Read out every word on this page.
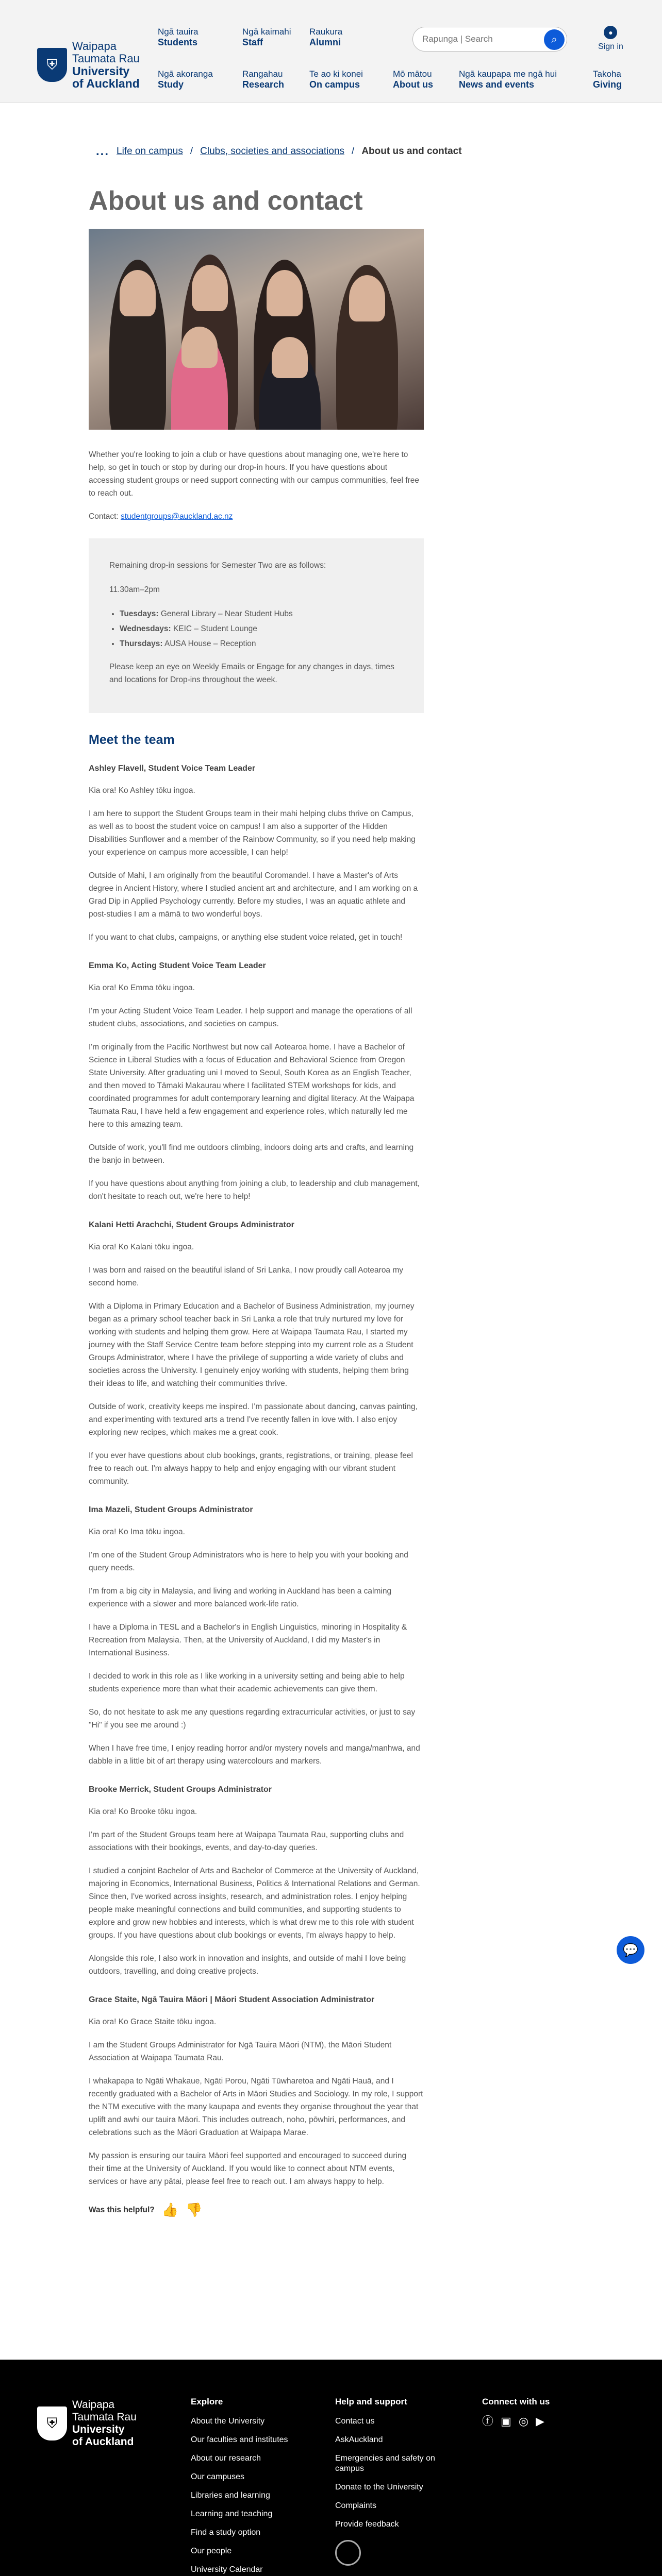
⛨
Waipapa
Taumata Rau
University
of Auckland
Ngā tauira
Students
Ngā kaimahi
Staff
Raukura
Alumni
Ngā akoranga
Study
Rangahau
Research
Te ao ki konei
On campus
Mō mātou
About us
Ngā kaupapa me ngā hui
News and events
Takoha
Giving
Rapunga | Search
⌕
●
Sign in
... Life on campus / Clubs, societies and associations / About us and contact
About us and contact

Whether you're looking to join a club or have questions about managing one, we're here to help, so get in touch or stop by during our drop-in hours. If you have questions about accessing student groups or need support connecting with our campus communities, feel free to reach out.

Contact: studentgroups@auckland.ac.nz

Remaining drop-in sessions for Semester Two are as follows:

11.30am–2pm

• Tuesdays: General Library – Near Student Hubs
• Wednesdays: KEIC – Student Lounge
• Thursdays: AUSA House – Reception

Please keep an eye on Weekly Emails or Engage for any changes in days, times and locations for Drop-ins throughout the week.

Meet the team
Ashley Flavell, Student Voice Team Leader

Kia ora! Ko Ashley tōku ingoa.

I am here to support the Student Groups team in their mahi helping clubs thrive on Campus, as well as to boost the student voice on campus! I am also a supporter of the Hidden Disabilities Sunflower and a member of the Rainbow Community, so if you need help making your experience on campus more accessible, I can help!

Outside of Mahi, I am originally from the beautiful Coromandel. I have a Master's of Arts degree in Ancient History, where I studied ancient art and architecture, and I am working on a Grad Dip in Applied Psychology currently. Before my studies, I was an aquatic athlete and post-studies I am a māmā to two wonderful boys.

If you want to chat clubs, campaigns, or anything else student voice related, get in touch!

Emma Ko, Acting Student Voice Team Leader

Kia ora! Ko Emma tōku ingoa.

I'm your Acting Student Voice Team Leader. I help support and manage the operations of all student clubs, associations, and societies on campus.

I'm originally from the Pacific Northwest but now call Aotearoa home. I have a Bachelor of Science in Liberal Studies with a focus of Education and Behavioral Science from Oregon State University. After graduating uni I moved to Seoul, South Korea as an English Teacher, and then moved to Tāmaki Makaurau where I facilitated STEM workshops for kids, and coordinated programmes for adult contemporary learning and digital literacy. At the Waipapa Taumata Rau, I have held a few engagement and experience roles, which naturally led me here to this amazing team.

Outside of work, you'll find me outdoors climbing, indoors doing arts and crafts, and learning the banjo in between.

If you have questions about anything from joining a club, to leadership and club management, don't hesitate to reach out, we're here to help!

Kalani Hetti Arachchi, Student Groups Administrator

Kia ora! Ko Kalani tōku ingoa.

I was born and raised on the beautiful island of Sri Lanka, I now proudly call Aotearoa my second home.

With a Diploma in Primary Education and a Bachelor of Business Administration, my journey began as a primary school teacher back in Sri Lanka a role that truly nurtured my love for working with students and helping them grow. Here at Waipapa Taumata Rau, I started my journey with the Staff Service Centre team before stepping into my current role as a Student Groups Administrator, where I have the privilege of supporting a wide variety of clubs and societies across the University. I genuinely enjoy working with students, helping them bring their ideas to life, and watching their communities thrive.

Outside of work, creativity keeps me inspired. I'm passionate about dancing, canvas painting, and experimenting with textured arts a trend I've recently fallen in love with. I also enjoy exploring new recipes, which makes me a great cook.

If you ever have questions about club bookings, grants, registrations, or training, please feel free to reach out. I'm always happy to help and enjoy engaging with our vibrant student community.

Ima Mazeli, Student Groups Administrator

Kia ora! Ko Ima tōku ingoa.

I'm one of the Student Group Administrators who is here to help you with your booking and query needs.

I'm from a big city in Malaysia, and living and working in Auckland has been a calming experience with a slower and more balanced work-life ratio.

I have a Diploma in TESL and a Bachelor's in English Linguistics, minoring in Hospitality & Recreation from Malaysia. Then, at the University of Auckland, I did my Master's in International Business.

I decided to work in this role as I like working in a university setting and being able to help students experience more than what their academic achievements can give them.

So, do not hesitate to ask me any questions regarding extracurricular activities, or just to say "Hi" if you see me around :)

When I have free time, I enjoy reading horror and/or mystery novels and manga/manhwa, and dabble in a little bit of art therapy using watercolours and markers.

Brooke Merrick, Student Groups Administrator

Kia ora! Ko Brooke tōku ingoa.

I'm part of the Student Groups team here at Waipapa Taumata Rau, supporting clubs and associations with their bookings, events, and day-to-day queries.

I studied a conjoint Bachelor of Arts and Bachelor of Commerce at the University of Auckland, majoring in Economics, International Business, Politics & International Relations and German. Since then, I've worked across insights, research, and administration roles. I enjoy helping people make meaningful connections and build communities, and supporting students to explore and grow new hobbies and interests, which is what drew me to this role with student groups. If you have questions about club bookings or events, I'm always happy to help.

Alongside this role, I also work in innovation and insights, and outside of mahi I love being outdoors, travelling, and doing creative projects.

Grace Staite, Ngā Tauira Māori | Māori Student Association Administrator

Kia ora! Ko Grace Staite tōku ingoa.

I am the Student Groups Administrator for Ngā Tauira Māori (NTM), the Māori Student Association at Waipapa Taumata Rau.

I whakapapa to Ngāti Whakaue, Ngāti Porou, Ngāti Tūwharetoa and Ngāti Hauā, and I recently graduated with a Bachelor of Arts in Māori Studies and Sociology. In my role, I support the NTM executive with the many kaupapa and events they organise throughout the year that uplift and awhi our tauira Māori. This includes outreach, noho, pōwhiri, performances, and celebrations such as the Māori Graduation at Waipapa Marae.

My passion is ensuring our tauira Māori feel supported and encouraged to succeed during their time at the University of Auckland. If you would like to connect about NTM events, services or have any pātai, please feel free to reach out. I am always happy to help.

Was this helpful? 👍 👎
💬
⛨
Waipapa
Taumata Rau
University
of Auckland
Explore
About the University
Our faculties and institutes
About our research
Our campuses
Libraries and learning
Learning and teaching
Find a study option
Our people
University Calendar
Help and support
Contact us
AskAuckland
Emergencies and safety on campus
Donate to the University
Complaints
Provide feedback
Connect with us
ⓕ ▣ ◎ ▶
